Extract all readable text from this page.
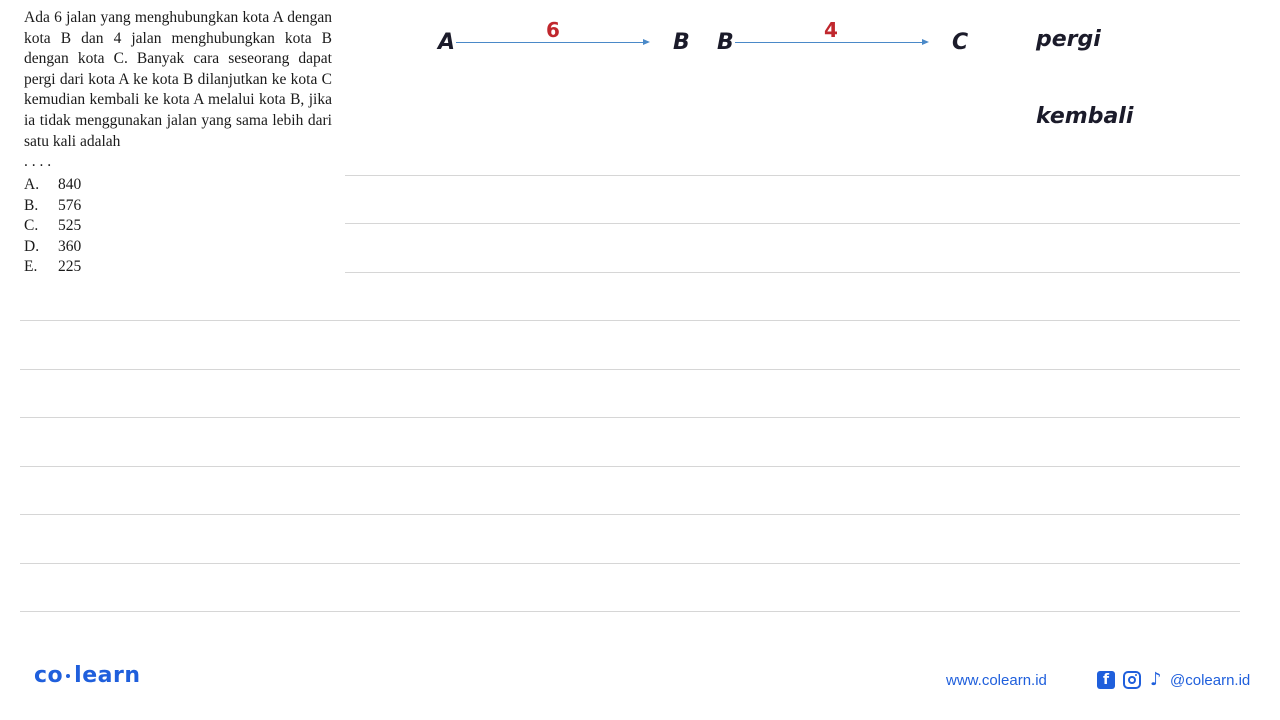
Ada 6 jalan yang menghubungkan kota A dengan kota B dan 4 jalan menghubungkan kota B dengan kota C. Banyak cara seseorang dapat pergi dari kota A ke kota B dilanjutkan ke kota C kemudian kembali ke kota A melalui kota B, jika ia tidak menggunakan jalan yang sama lebih dari satu kali adalah

. . . .

A.	840
B.	576
C.	525
D.	360
E.	225
A	6	B B	4	C	pergi
kembali
co learn	www.colearn.id	f	♪ @colearn.id
